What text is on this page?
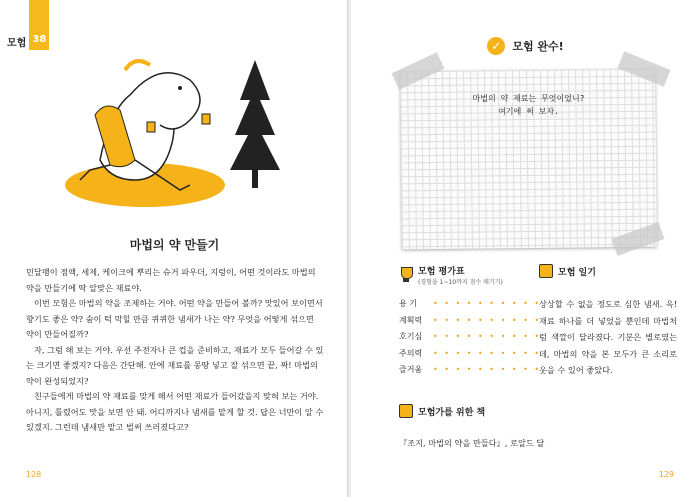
모험 38
마법의 약 만들기

민달팽이 점액, 세제, 케이크에 뿌리는 슈거 파우더, 지렁이, 어떤 것이라도 마법의 약을 만들기에 딱 알맞은 재료야.

이번 모험은 마법의 약을 조제하는 거야. 어떤 약을 만들어 볼까? 맛있어 보이면서 향기도 좋은 약? 숨이 턱 막힐 만큼 퀴퀴한 냄새가 나는 약? 무엇을 어떻게 섞으면 약이 만들어질까?

자, 그럼 해 보는 거야. 우선 주전자나 큰 컵을 준비하고, 재료가 모두 들어갈 수 있는 크기면 좋겠지? 다음은 간단해. 안에 재료를 몽땅 넣고 잘 섞으면 끝, 짜! 마법의 약이 완성되었지?

친구들에게 마법의 약 재료를 맞게 해서 어떤 재료가 들어갔을지 맞혀 보는 거야. 아니지, 틀렸어도 맛을 보면 안 돼. 어디까지나 냄새를 맡게 할 것. 답은 너만이 알 수 있겠지. 그런데 냄새만 맡고 벌써 쓰러졌다고?

128
✓ 모험 완수!
마법의 약 재료는 무엇이었니?
여기에 써 보자.
모험 평가표
(경험을 1~10까지 점수 매기기)
용 기	• • • • • • • • • •
계획력	• • • • • • • • • •
호기심	• • • • • • • • • •
주의력	• • • • • • • • • •
즐거움	• • • • • • • • • •
모험 일기
상상할 수 없을 정도로 심한 냄새. 윽! 재료 하나를 더 넣었을 뿐인데 마법처럼 색깔이 달라졌다. 기분은 별로였는데, 마법의 약을 본 모두가 큰 소리로 웃을 수 있어 좋았다.
모험가를 위한 책
『조지, 마법의 약을 만들다』, 로알드 달
129
